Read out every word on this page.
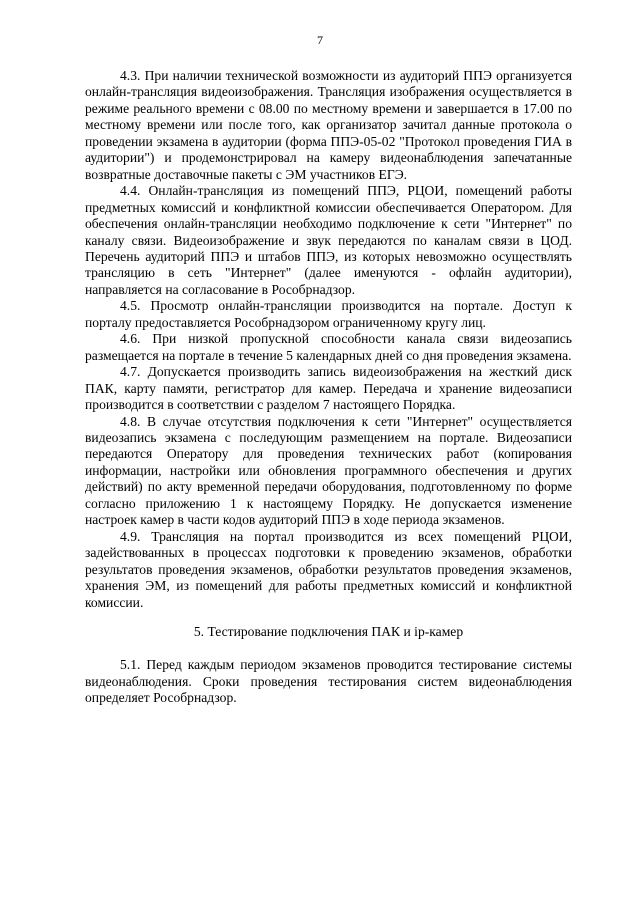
7

4.3. При наличии технической возможности из аудиторий ППЭ организуется онлайн-трансляция видеоизображения. Трансляция изображения осуществляется в режиме реального времени с 08.00 по местному времени и завершается в 17.00 по местному времени или после того, как организатор зачитал данные протокола о проведении экзамена в аудитории (форма ППЭ-05-02 "Протокол проведения ГИА в аудитории") и продемонстрировал на камеру видеонаблюдения запечатанные возвратные доставочные пакеты с ЭМ участников ЕГЭ.

4.4. Онлайн-трансляция из помещений ППЭ, РЦОИ, помещений работы предметных комиссий и конфликтной комиссии обеспечивается Оператором. Для обеспечения онлайн-трансляции необходимо подключение к сети "Интернет" по каналу связи. Видеоизображение и звук передаются по каналам связи в ЦОД. Перечень аудиторий ППЭ и штабов ППЭ, из которых невозможно осуществлять трансляцию в сеть "Интернет" (далее именуются - офлайн аудитории), направляется на согласование в Рособрнадзор.

4.5. Просмотр онлайн-трансляции производится на портале. Доступ к порталу предоставляется Рособрнадзором ограниченному кругу лиц.

4.6. При низкой пропускной способности канала связи видеозапись размещается на портале в течение 5 календарных дней со дня проведения экзамена.

4.7. Допускается производить запись видеоизображения на жесткий диск ПАК, карту памяти, регистратор для камер. Передача и хранение видеозаписи производится в соответствии с разделом 7 настоящего Порядка.

4.8. В случае отсутствия подключения к сети "Интернет" осуществляется видеозапись экзамена с последующим размещением на портале. Видеозаписи передаются Оператору для проведения технических работ (копирования информации, настройки или обновления программного обеспечения и других действий) по акту временной передачи оборудования, подготовленному по форме согласно приложению 1 к настоящему Порядку. Не допускается изменение настроек камер в части кодов аудиторий ППЭ в ходе периода экзаменов.

4.9. Трансляция на портал производится из всех помещений РЦОИ, задействованных в процессах подготовки к проведению экзаменов, обработки результатов проведения экзаменов, обработки результатов проведения экзаменов, хранения ЭМ, из помещений для работы предметных комиссий и конфликтной комиссии.

5. Тестирование подключения ПАК и ip-камер

5.1. Перед каждым периодом экзаменов проводится тестирование системы видеонаблюдения. Сроки проведения тестирования систем видеонаблюдения определяет Рособрнадзор.
